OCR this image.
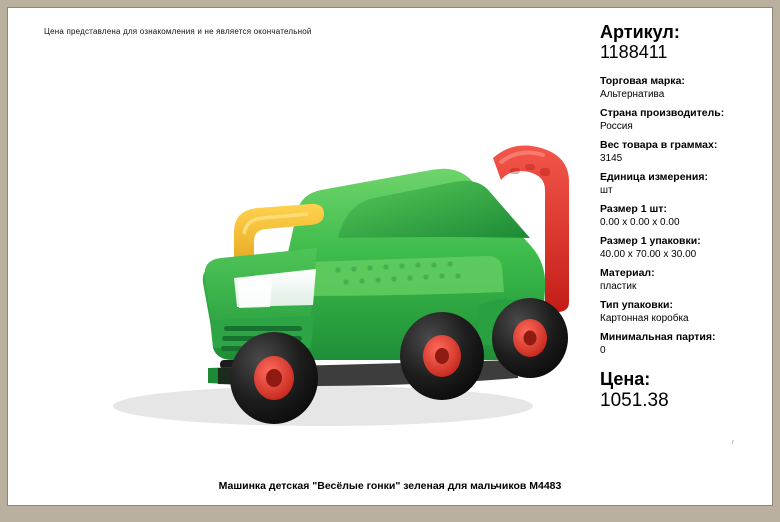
Цена представлена для ознакомления и не является окончательной	Артикул:
1188411
Торговая марка:
Альтернатива
Страна производитель:
Россия
Вес товара в граммах:
3145
Единица измерения:
шт
Размер 1 шт:
0.00 x 0.00 x 0.00
Размер 1 упаковки:
40.00 x 70.00 x 30.00
Материал:
пластик
Тип упаковки:
Картонная коробка
Минимальная партия:
0
Цена:
1051.38
г
Машинка детская "Весёлые гонки" зеленая для мальчиков М4483
